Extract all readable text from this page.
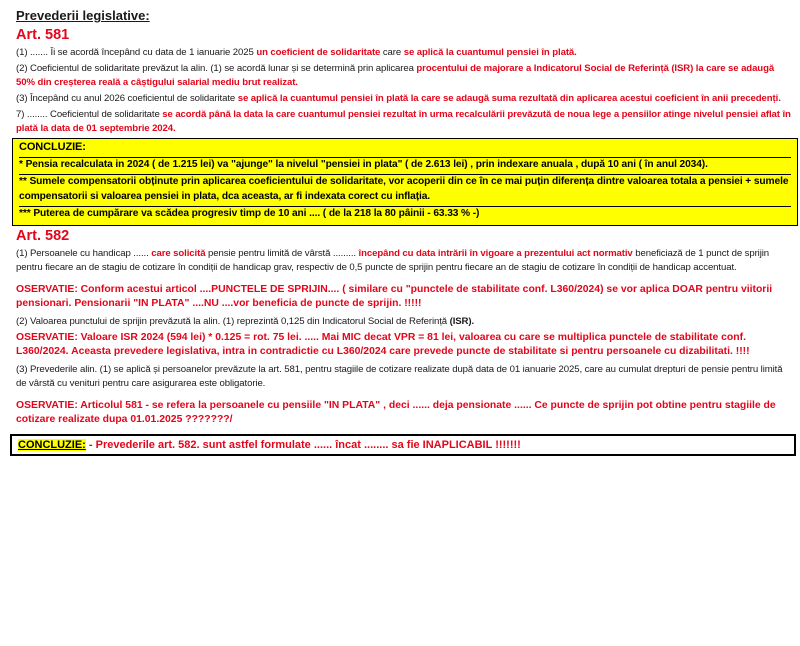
Prevederii legislative:
Art. 581
(1) ....... Îi se acordă începând cu data de 1 ianuarie 2025 un coeficient de solidaritate care se aplică la cuantumul pensiei în plată.
(2) Coeficientul de solidaritate prevăzut la alin. (1) se acordă lunar și se determină prin aplicarea procentului de majorare a Indicatorul Social de Referință (ISR) la care se adaugă 50% din creșterea reală a câștigului salarial mediu brut realizat.
(3) Începând cu anul 2026 coeficientul de solidaritate se aplică la cuantumul pensiei în plată la care se adaugă suma rezultată din aplicarea acestui coeficient în anii precedenți.
7) ........ Coeficientul de solidaritate se acordă până la data la care cuantumul pensiei rezultat în urma recalculării prevăzută de noua lege a pensiilor atinge nivelul pensiei aflat în plată la data de 01 septembrie 2024.
CONCLUZIE:
* Pensia recalculata in 2024 ( de 1.215 lei) va "ajunge" la nivelul "pensiei in plata" ( de 2.613 lei) , prin indexare anuala , după 10 ani ( în anul 2034).
** Sumele compensatorii obținute prin aplicarea coeficientului de solidaritate, vor acoperii din ce în ce mai puțin diferența dintre valoarea totala a pensiei + sumele compensatorii si valoarea pensiei in plata, dca aceasta, ar fi indexata corect cu inflația.
*** Puterea de cumpărare va scădea progresiv timp de 10 ani .... ( de la 218 la 80 pâinii - 63.33 % -)
Art. 582
(1) Persoanele cu handicap ...... care solicită pensie pentru limită de vârstă ......... începând cu data intrării în vigoare a prezentului act normativ beneficiază de 1 punct de sprijin pentru fiecare an de stagiu de cotizare în condiții de handicap grav, respectiv de 0,5 puncte de sprijin pentru fiecare an de stagiu de cotizare în condiții de handicap accentuat.
OSERVATIE: Conform acestui articol ....PUNCTELE DE SPRIJIN.... ( similare cu "punctele de stabilitate conf. L360/2024) se vor aplica DOAR pentru viitorii pensionari. Pensionarii "IN PLATA" ....NU ....vor beneficia de puncte de sprijin. !!!!!
(2) Valoarea punctului de sprijin prevăzută la alin. (1) reprezintă 0,125 din Indicatorul Social de Referință (ISR).
OSERVATIE: Valoare ISR 2024 (594 lei) * 0.125 = rot. 75 lei. ..... Mai MIC decat VPR = 81 lei, valoarea cu care se multiplica punctele de stabilitate conf. L360/2024. Aceasta prevedere legislativa, intra in contradictie cu L360/2024 care prevede puncte de stabilitate si pentru persoanele cu dizabilitati. !!!!
(3) Prevederile alin. (1) se aplică și persoanelor prevăzute la art. 581, pentru stagiile de cotizare realizate după data de 01 ianuarie 2025, care au cumulat drepturi de pensie pentru limită de vârstă cu venituri pentru care asigurarea este obligatorie.
OSERVATIE: Articolul 581 - se refera la persoanele cu pensiile "IN PLATA" , deci ...... deja pensionate ...... Ce puncte de sprijin pot obtine pentru stagiile de cotizare realizate dupa 01.01.2025 ???????/
CONCLUZIE: - Prevederile art. 582. sunt astfel formulate ...... încat ........ sa fie INAPLICABIL !!!!!!!
